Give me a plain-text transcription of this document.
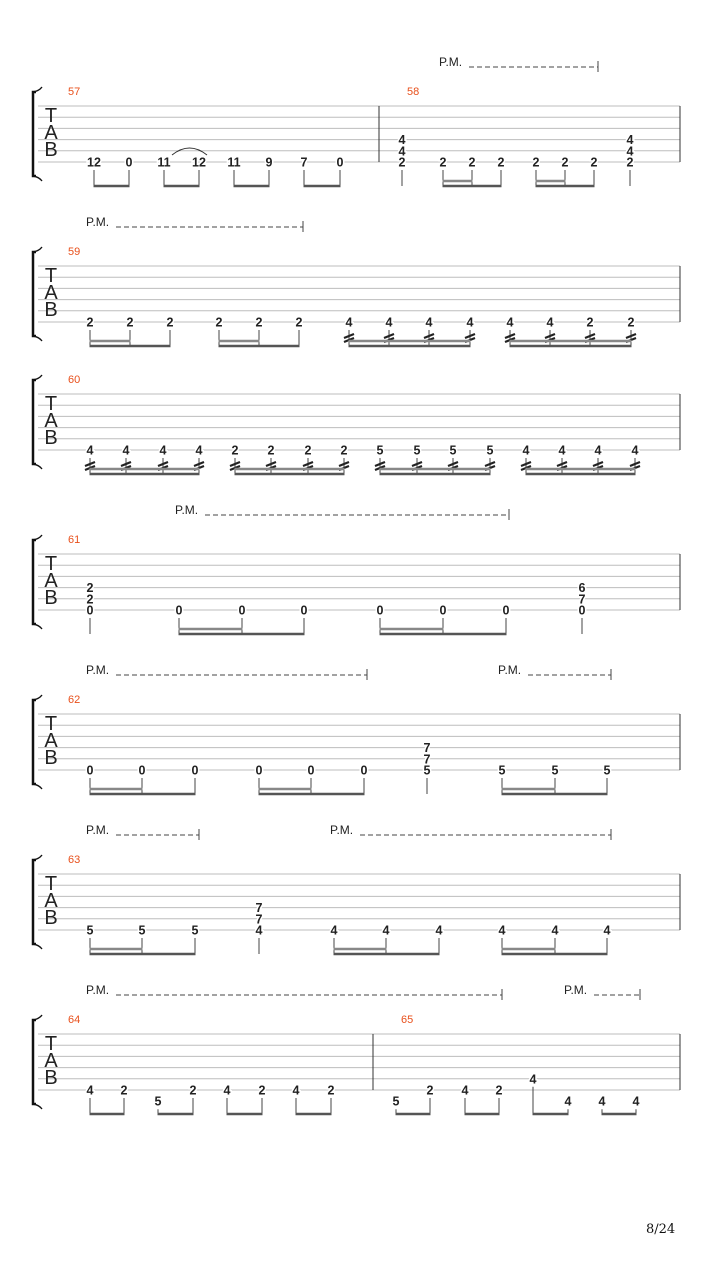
T
A
B
57
12 0 11 12 11 9 7 0
58
4
4
2	2 2 2 2 2 2
4
4
2
P.M.
T
A
B
59
2	2	2	2	2	2	4	4	4	4	4	4	2	2
P.M.
T
A
B
60
4 4 4 4 2 2 2 2 5 5 5 5 4 4 4 4
T
A
B
61
2
2
0	0	0	0	0	0	0
6
7
0
P.M.
T
A
B
62
0	0	0	0	0	0
7
7
5	5	5	5
P.M.	P.M.
T
A
B
63
5	5	5
7
7
4	4	4	4	4	4	4
P.M.	P.M.
T
A
B
64
4 2
5
2 4 2 4 2
65
5
2 4 2
4
4 4 4
P.M.	P.M.
8/24
